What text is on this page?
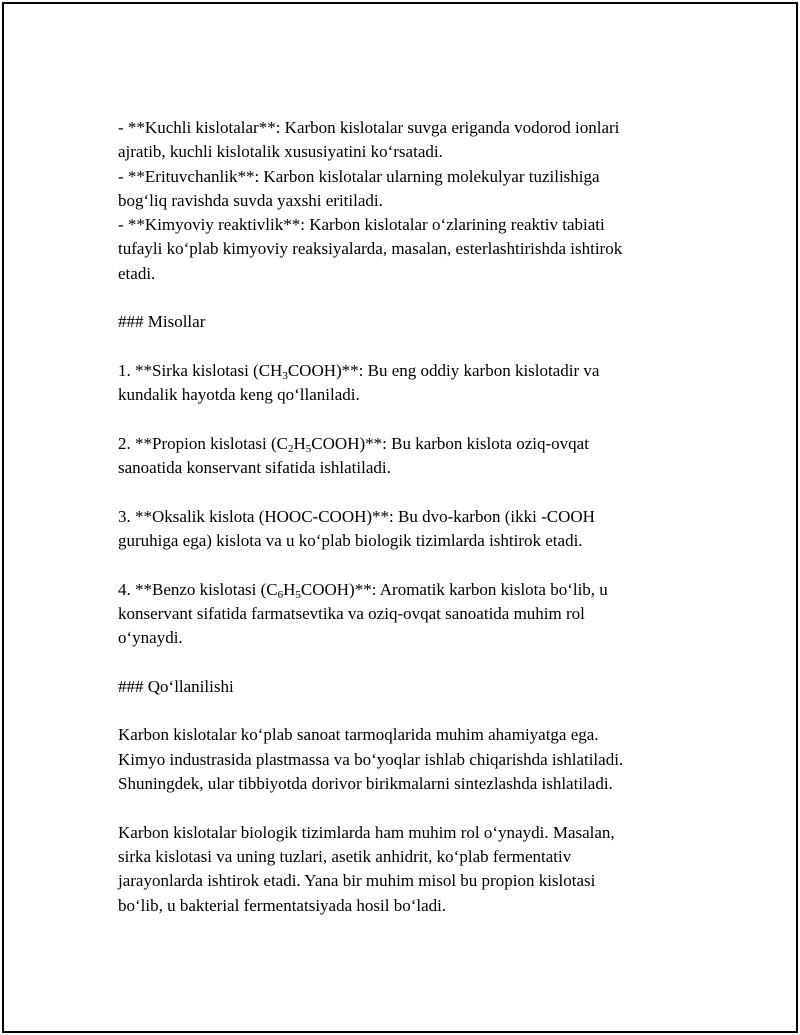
- **Kuchli kislotalar**: Karbon kislotalar suvga eriganda vodorod ionlari
ajratib, kuchli kislotalik xususiyatini ko‘rsatadi.
- **Erituvchanlik**: Karbon kislotalar ularning molekulyar tuzilishiga
bog‘liq ravishda suvda yaxshi eritiladi.
- **Kimyoviy reaktivlik**: Karbon kislotalar o‘zlarining reaktiv tabiati
tufayli ko‘plab kimyoviy reaksiyalarda, masalan, esterlashtirishda ishtirok
etadi.
### Misollar
1. **Sirka kislotasi $(CH_3COOH)**$: Bu eng oddiy karbon kislotadir va
kundalik hayotda keng qo‘llaniladi.
2. **Propion kislotasi $(C_2H_5COOH)**$: Bu karbon kislota oziq-ovqat
sanoatida konservant sifatida ishlatiladi.
3. **Oksalik kislota (HOOC-COOH)**: Bu dvo-karbon (ikki -COOH
guruhiga ega) kislota va u ko‘plab biologik tizimlarda ishtirok etadi.
4. **Benzo kislotasi $(C_6H_5COOH)**$: Aromatik karbon kislota bo‘lib, u
konservant sifatida farmatsevtika va oziq-ovqat sanoatida muhim rol
o‘ynaydi.
### Qo‘llanilishi
Karbon kislotalar ko‘plab sanoat tarmoqlarida muhim ahamiyatga ega.
Kimyo industrasida plastmassa va bo‘yoqlar ishlab chiqarishda ishlatiladi.
Shuningdek, ular tibbiyotda dorivor birikmalarni sintezlashda ishlatiladi.
Karbon kislotalar biologik tizimlarda ham muhim rol o‘ynaydi. Masalan,
sirka kislotasi va uning tuzlari, asetik anhidrit, ko‘plab fermentativ
jarayonlarda ishtirok etadi. Yana bir muhim misol bu propion kislotasi
bo‘lib, u bakterial fermentatsiyada hosil bo‘ladi.
